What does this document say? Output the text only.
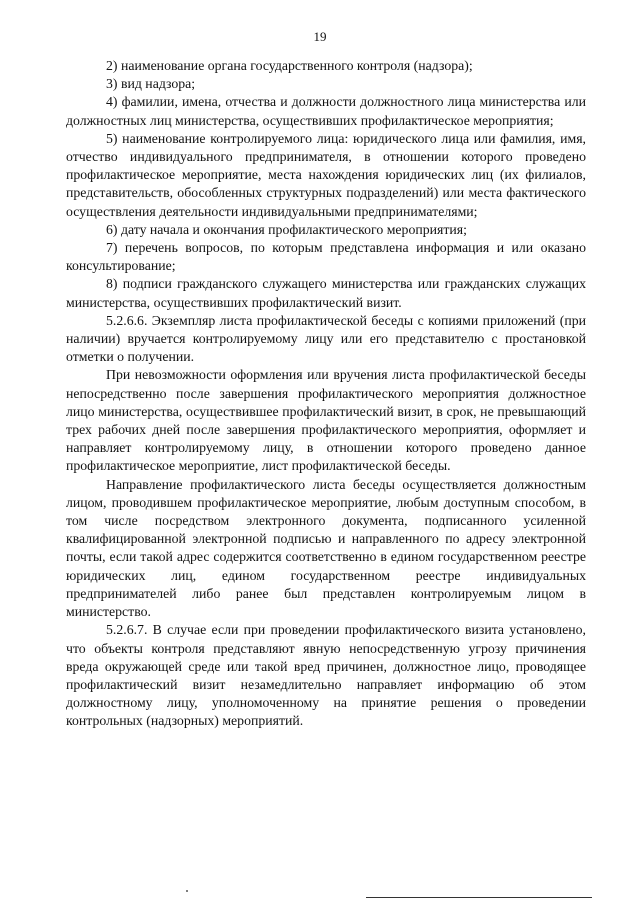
19

2) наименование органа государственного контроля (надзора);

3) вид надзора;

4) фамилии, имена, отчества и должности должностного лица министерства или должностных лиц министерства, осуществивших профилактическое мероприятия;

5) наименование контролируемого лица: юридического лица или фамилия, имя, отчество индивидуального предпринимателя, в отношении которого проведено профилактическое мероприятие, места нахождения юридических лиц (их филиалов, представительств, обособленных структурных подразделений) или места фактического осуществления деятельности индивидуальными предпринимателями;

6) дату начала и окончания профилактического мероприятия;

7) перечень вопросов, по которым представлена информация и или оказано консультирование;

8) подписи гражданского служащего министерства или гражданских служащих министерства, осуществивших профилактический визит.

5.2.6.6. Экземпляр листа профилактической беседы с копиями приложений (при наличии) вручается контролируемому лицу или его представителю с простановкой отметки о получении.

При невозможности оформления или вручения листа профилактической беседы непосредственно после завершения профилактического мероприятия должностное лицо министерства, осуществившее профилактический визит, в срок, не превышающий трех рабочих дней после завершения профилактического мероприятия, оформляет и направляет контролируемому лицу, в отношении которого проведено данное профилактическое мероприятие, лист профилактической беседы.

Направление профилактического листа беседы осуществляется должностным лицом, проводившем профилактическое мероприятие, любым доступным способом, в том числе посредством электронного документа, подписанного усиленной квалифицированной электронной подписью и направленного по адресу электронной почты, если такой адрес содержится соответственно в едином государственном реестре юридических лиц, едином государственном реестре индивидуальных предпринимателей либо ранее был представлен контролируемым лицом в министерство.

5.2.6.7. В случае если при проведении профилактического визита установлено, что объекты контроля представляют явную непосредственную угрозу причинения вреда окружающей среде или такой вред причинен, должностное лицо, проводящее профилактический визит незамедлительно направляет информацию об этом должностному лицу, уполномоченному на принятие решения о проведении контрольных (надзорных) мероприятий.
